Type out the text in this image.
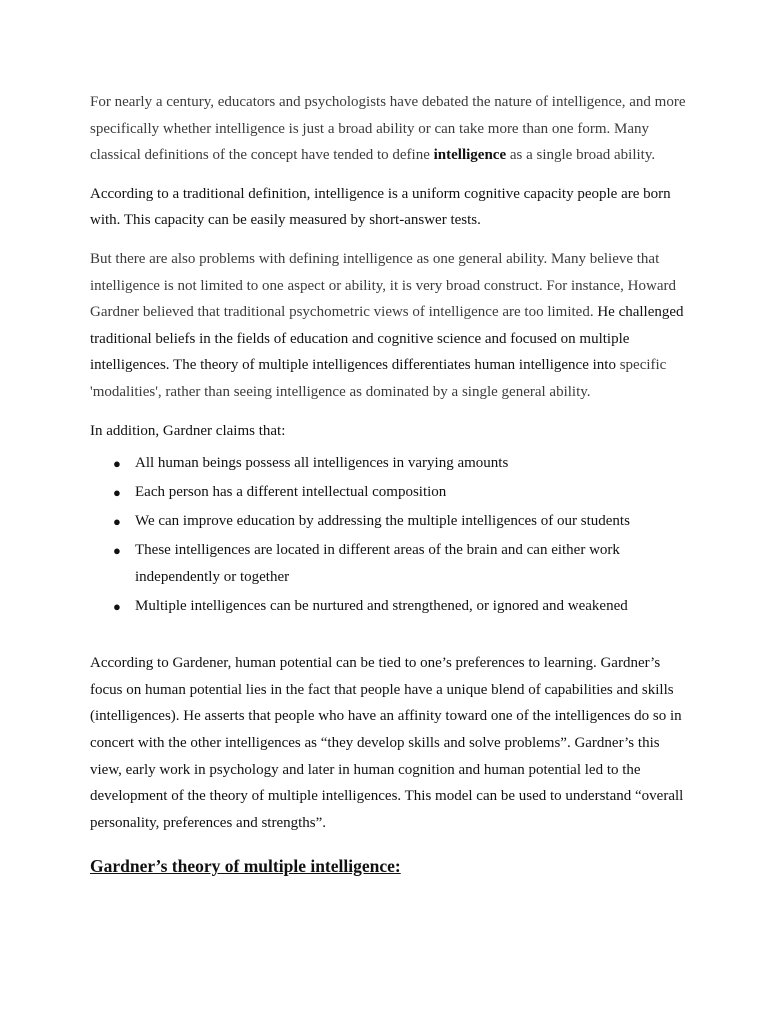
For nearly a century, educators and psychologists have debated the nature of intelligence, and more specifically whether intelligence is just a broad ability or can take more than one form. Many classical definitions of the concept have tended to define intelligence as a single broad ability.

According to a traditional definition, intelligence is a uniform cognitive capacity people are born with. This capacity can be easily measured by short-answer tests.

But there are also problems with defining intelligence as one general ability. Many believe that intelligence is not limited to one aspect or ability, it is very broad construct. For instance, Howard Gardner believed that traditional psychometric views of intelligence are too limited. He challenged traditional beliefs in the fields of education and cognitive science and focused on multiple intelligences. The theory of multiple intelligences differentiates human intelligence into specific 'modalities', rather than seeing intelligence as dominated by a single general ability.

In addition, Gardner claims that:

● All human beings possess all intelligences in varying amounts
● Each person has a different intellectual composition
● We can improve education by addressing the multiple intelligences of our students
● These intelligences are located in different areas of the brain and can either work independently or together
● Multiple intelligences can be nurtured and strengthened, or ignored and weakened

According to Gardener, human potential can be tied to one’s preferences to learning. Gardner’s focus on human potential lies in the fact that people have a unique blend of capabilities and skills (intelligences). He asserts that people who have an affinity toward one of the intelligences do so in concert with the other intelligences as “they develop skills and solve problems”. Gardner’s this view, early work in psychology and later in human cognition and human potential led to the development of the theory of multiple intelligences. This model can be used to understand “overall personality, preferences and strengths”.

Gardner’s theory of multiple intelligence:
